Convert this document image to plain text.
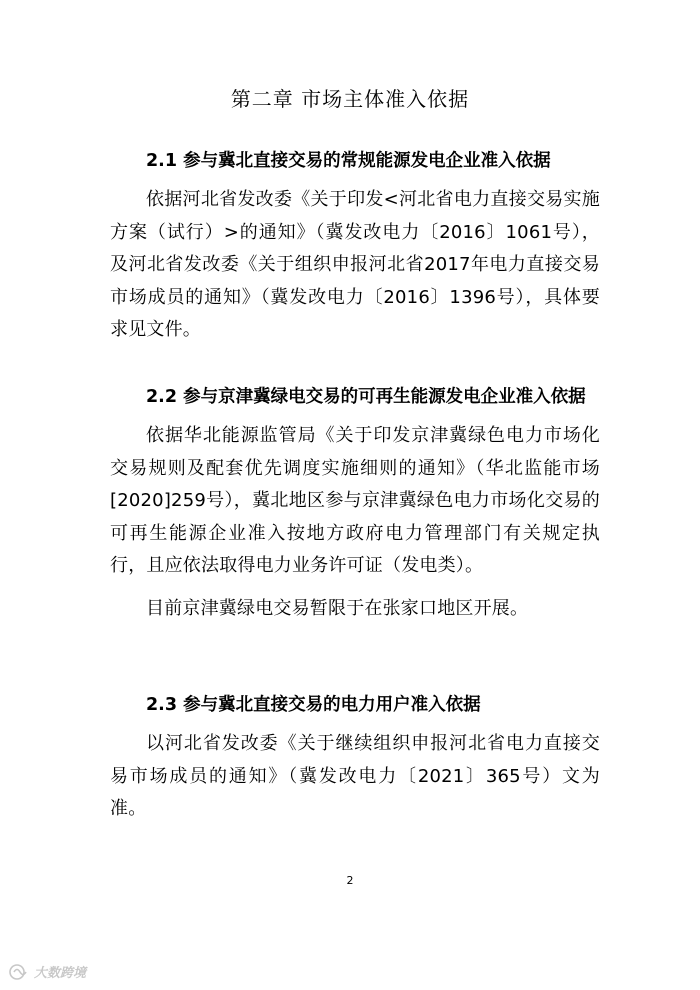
第二章 市场主体准入依据

2.1 参与冀北直接交易的常规能源发电企业准入依据

依据河北省发改委《关于印发<河北省电力直接交易实施方案（试行）>的通知》（冀发改电力〔2016〕1061号），及河北省发改委《关于组织申报河北省2017年电力直接交易市场成员的通知》（冀发改电力〔2016〕1396号），具体要求见文件。

2.2 参与京津冀绿电交易的可再生能源发电企业准入依据

依据华北能源监管局《关于印发京津冀绿色电力市场化交易规则及配套优先调度实施细则的通知》（华北监能市场[2020]259号），冀北地区参与京津冀绿色电力市场化交易的可再生能源企业准入按地方政府电力管理部门有关规定执行，且应依法取得电力业务许可证（发电类）。

目前京津冀绿电交易暂限于在张家口地区开展。

2.3 参与冀北直接交易的电力用户准入依据

以河北省发改委《关于继续组织申报河北省电力直接交易市场成员的通知》（冀发改电力〔2021〕365号）文为准。

2
大数跨境
